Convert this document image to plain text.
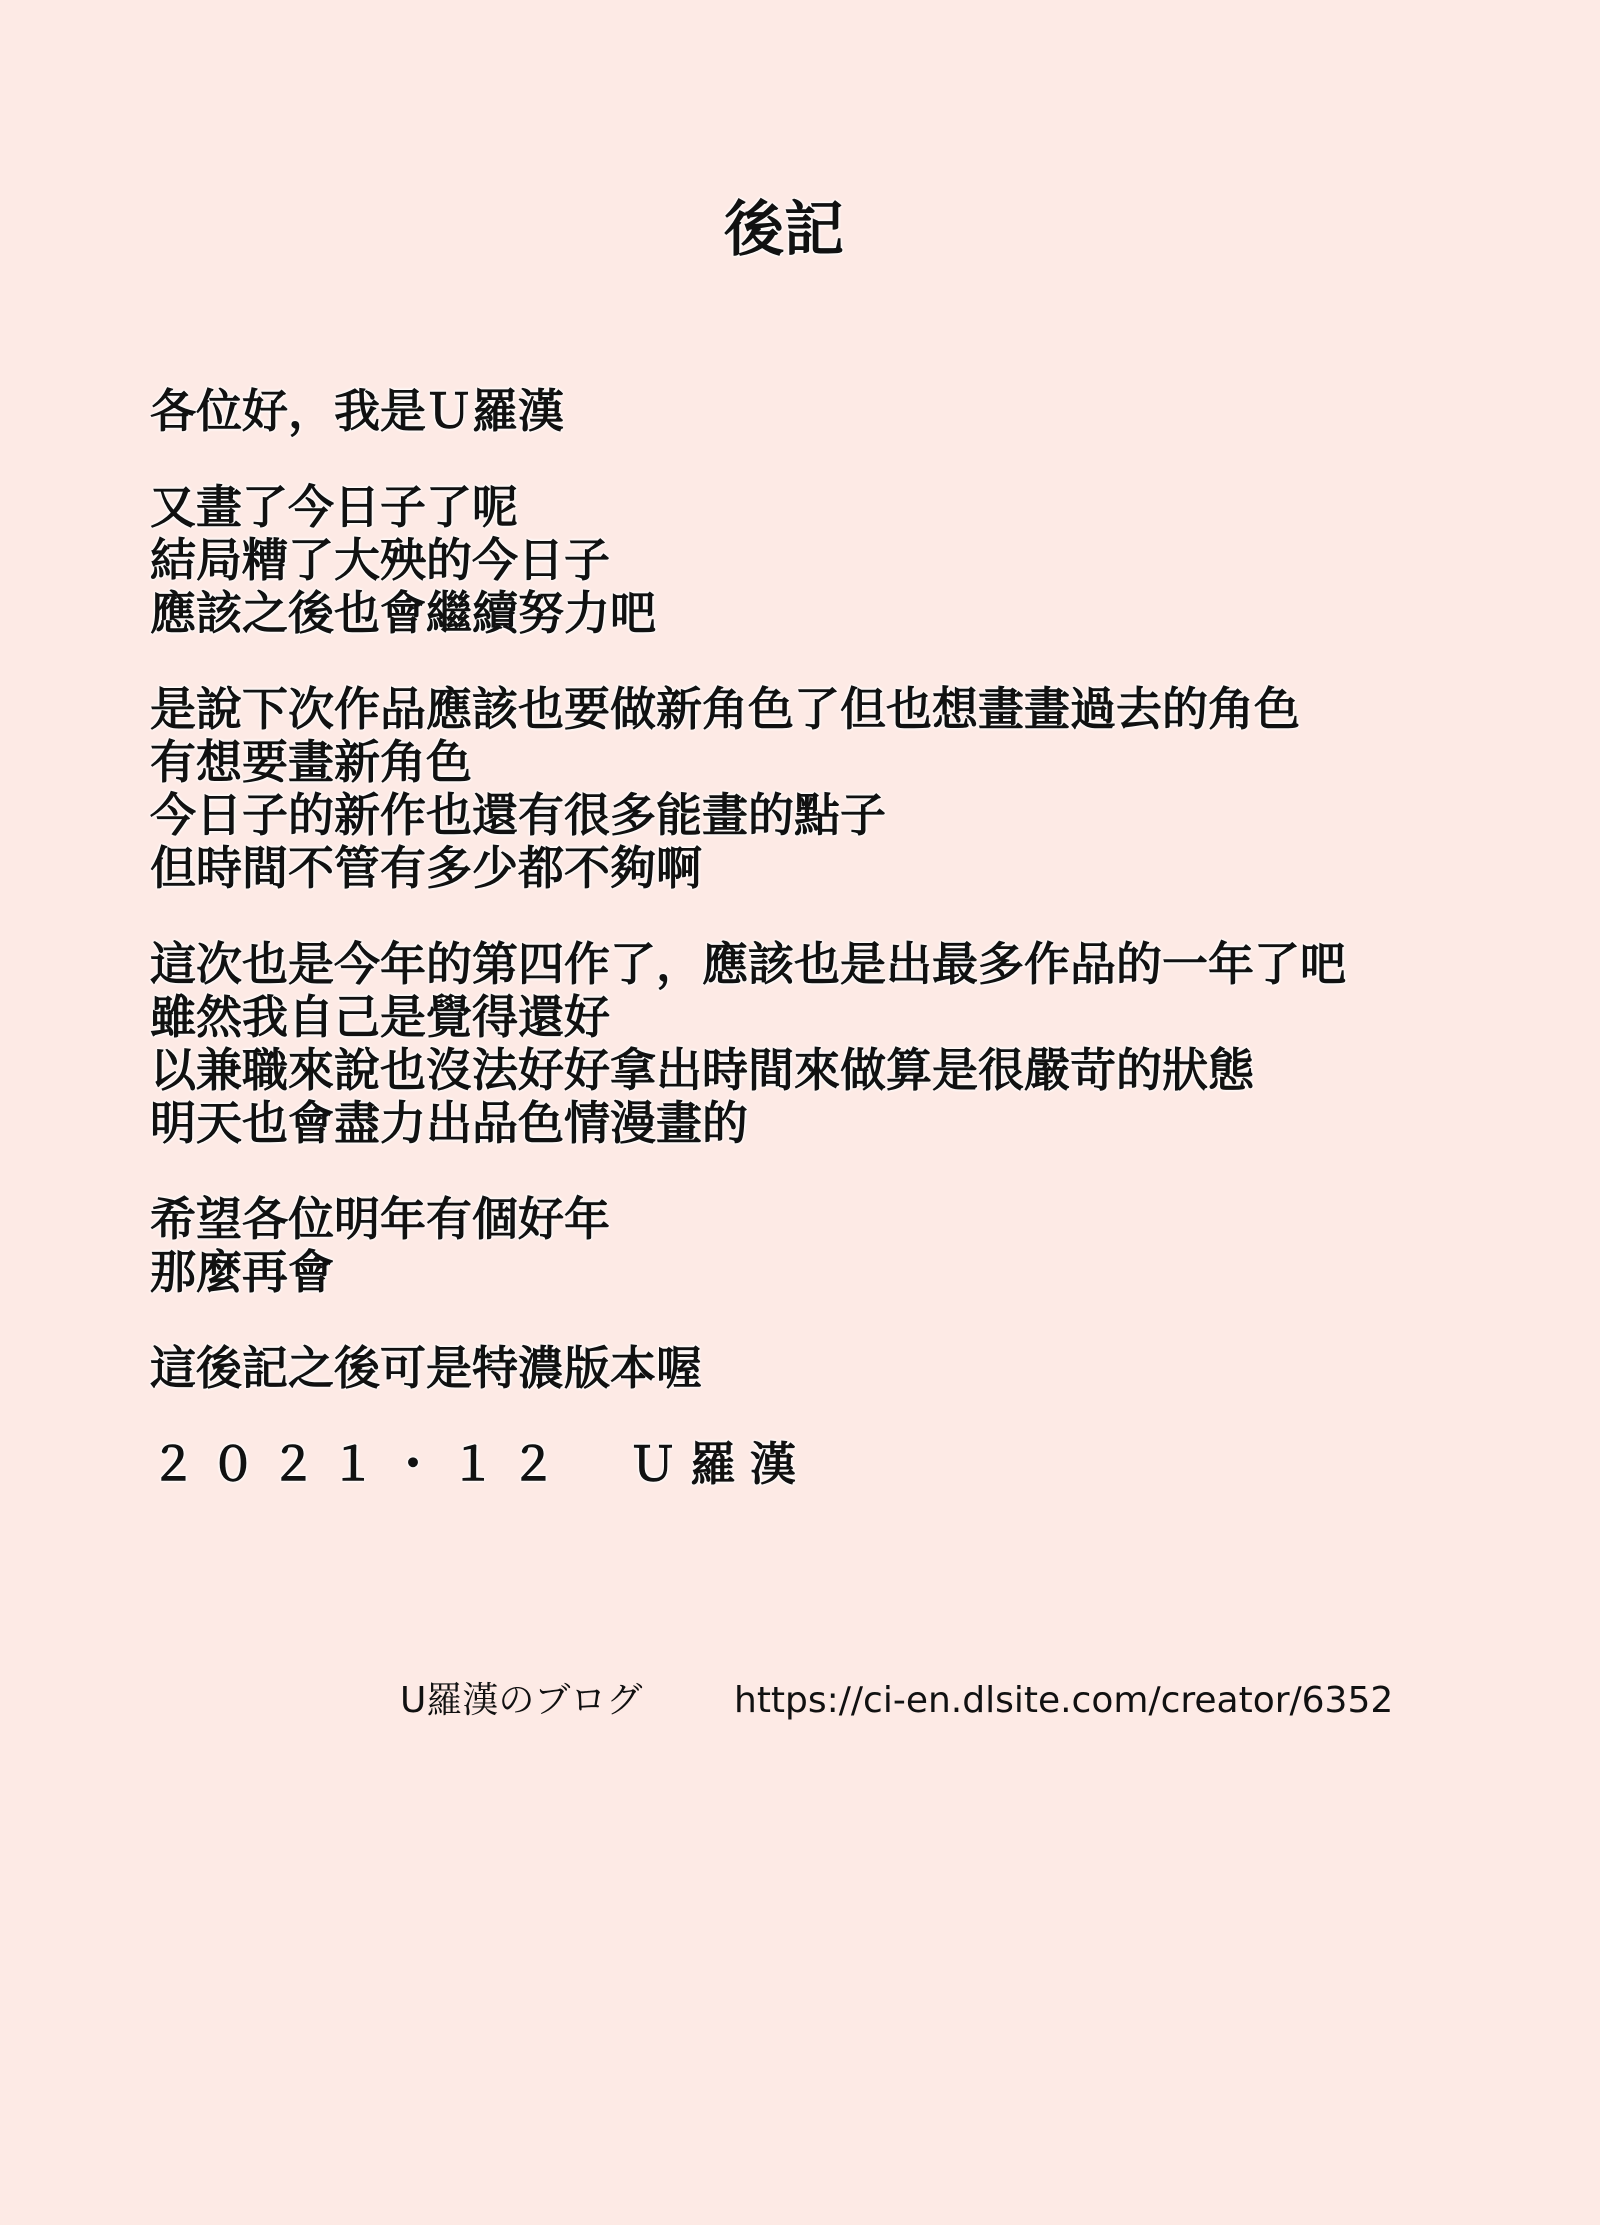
後記
各位好，我是Ｕ羅漢
又畫了今日子了呢
結局糟了大殃的今日子
應該之後也會繼續努力吧
是說下次作品應該也要做新角色了但也想畫畫過去的角色
有想要畫新角色
今日子的新作也還有很多能畫的點子
但時間不管有多少都不夠啊
這次也是今年的第四作了，應該也是出最多作品的一年了吧
雖然我自己是覺得還好
以兼職來說也沒法好好拿出時間來做算是很嚴苛的狀態
明天也會盡力出品色情漫畫的
希望各位明年有個好年
那麼再會
這後記之後可是特濃版本喔
２０２１・１２　Ｕ羅漢
U羅漢のブログ	https://ci-en.dlsite.com/creator/6352
